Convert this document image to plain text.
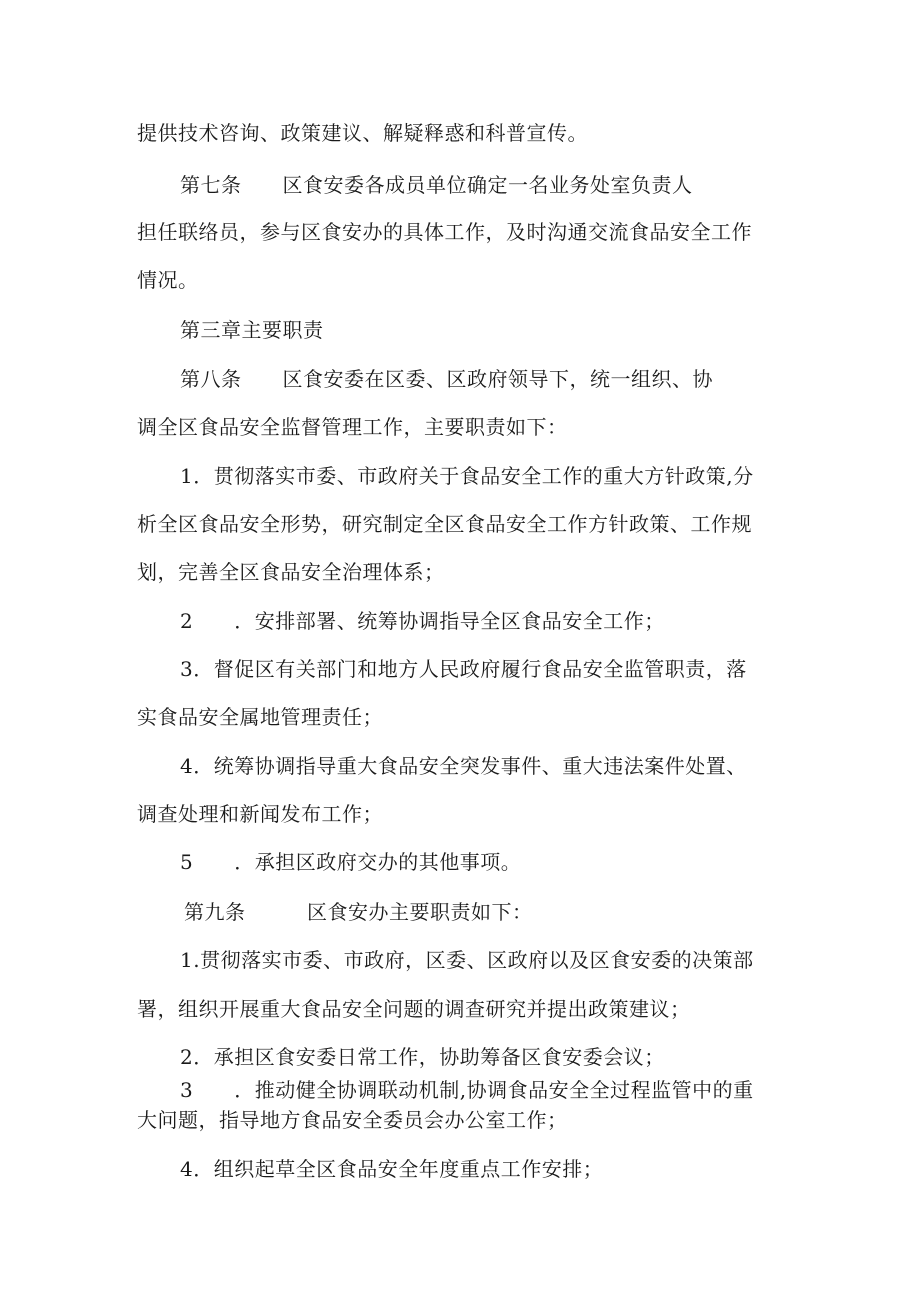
提供技术咨询、政策建议、解疑释惑和科普宣传。
第七条　　区食安委各成员单位确定一名业务处室负责人
担任联络员，参与区食安办的具体工作，及时沟通交流食品安全工作
情况。
第三章主要职责
第八条　　区食安委在区委、区政府领导下，统一组织、协
调全区食品安全监督管理工作，主要职责如下：
1．贯彻落实市委、市政府关于食品安全工作的重大方针政策,分
析全区食品安全形势，研究制定全区食品安全工作方针政策、工作规
划，完善全区食品安全治理体系；
2　　．安排部署、统筹协调指导全区食品安全工作；
3．督促区有关部门和地方人民政府履行食品安全监管职责，落
实食品安全属地管理责任；
4．统筹协调指导重大食品安全突发事件、重大违法案件处置、
调查处理和新闻发布工作；
5　　．承担区政府交办的其他事项。
第九条　　　区食安办主要职责如下：
1.贯彻落实市委、市政府，区委、区政府以及区食安委的决策部
署，组织开展重大食品安全问题的调查研究并提出政策建议；
2．承担区食安委日常工作，协助筹备区食安委会议；
3　　．推动健全协调联动机制,协调食品安全全过程监管中的重
大问题，指导地方食品安全委员会办公室工作；
4．组织起草全区食品安全年度重点工作安排；
